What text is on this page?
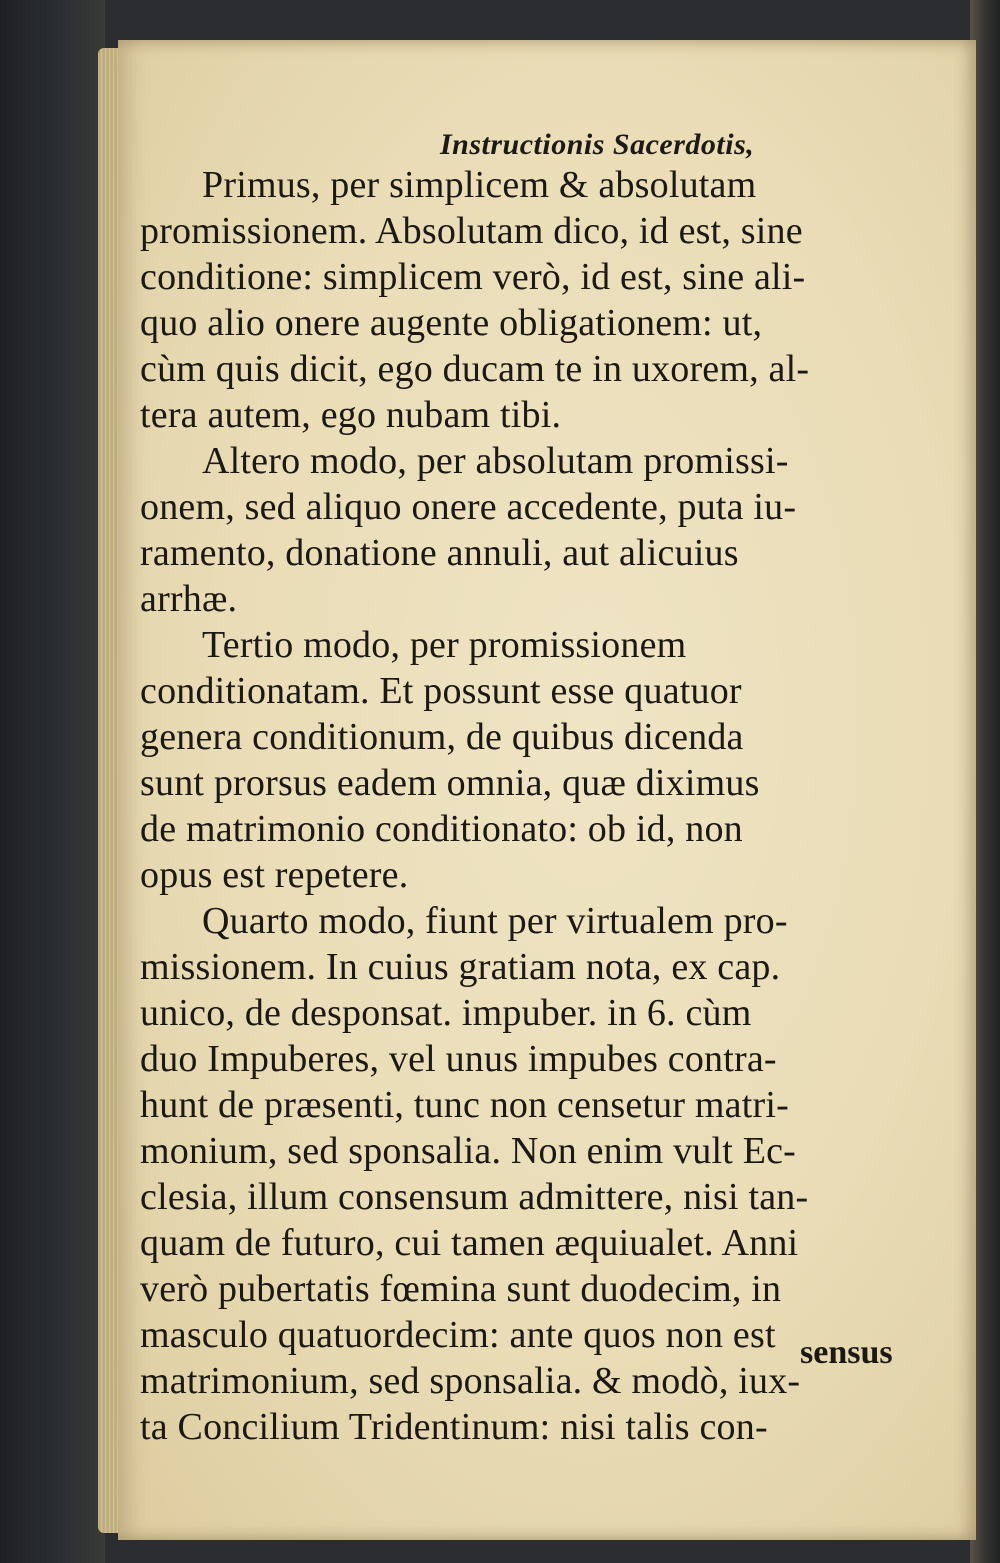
Instructionis Sacerdotis,
Primus, per simplicem & absolutam
promissionem. Absolutam dico, id est, sine
conditione: simplicem verò, id est, sine ali-
quo alio onere augente obligationem: ut,
cùm quis dicit, ego ducam te in uxorem, al-
tera autem, ego nubam tibi.
Altero modo, per absolutam promissi-
onem, sed aliquo onere accedente, puta iu-
ramento, donatione annuli, aut alicuius
arrhæ.
Tertio modo, per promissionem
conditionatam. Et possunt esse quatuor
genera conditionum, de quibus dicenda
sunt prorsus eadem omnia, quæ diximus
de matrimonio conditionato: ob id, non
opus est repetere.
Quarto modo, fiunt per virtualem pro-
missionem. In cuius gratiam nota, ex cap.
unico, de desponsat. impuber. in 6. cùm
duo Impuberes, vel unus impubes contra-
hunt de præsenti, tunc non censetur matri-
monium, sed sponsalia. Non enim vult Ec-
clesia, illum consensum admittere, nisi tan-
quam de futuro, cui tamen æquiualet. Anni
verò pubertatis fœmina sunt duodecim, in
masculo quatuordecim: ante quos non est
matrimonium, sed sponsalia. & modò, iux-
ta Concilium Tridentinum: nisi talis con-
sensus
